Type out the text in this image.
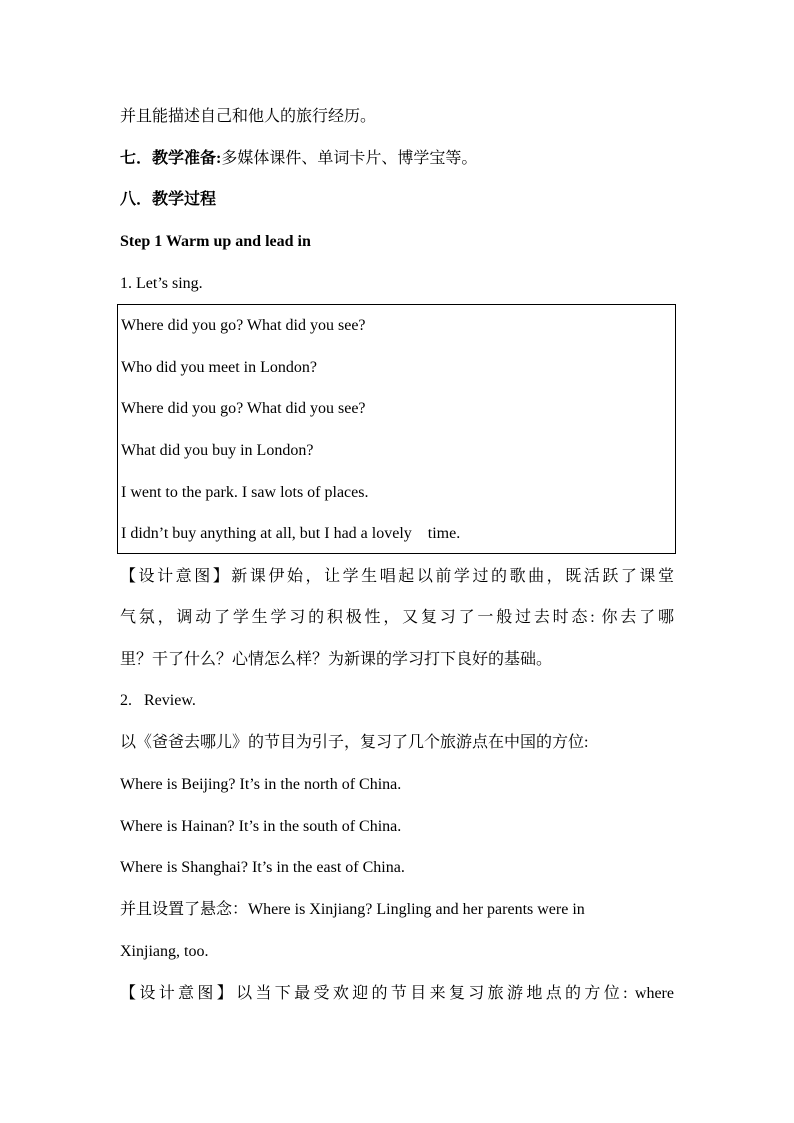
并且能描述自己和他人的旅行经历。
七．教学准备:多媒体课件、单词卡片、博学宝等。
八．教学过程
Step 1 Warm up and lead in
1. Let’s sing.
Where did you go? What did you see?
Who did you meet in London?
Where did you go? What did you see?
What did you buy in London?
I went to the park. I saw lots of places.
I didn’t buy anything at all, but I had a lovely    time.
【设计意图】新课伊始，让学生唱起以前学过的歌曲，既活跃了课堂
气氛，调动了学生学习的积极性，又复习了一般过去时态: 你去了哪
里？干了什么？心情怎么样？为新课的学习打下良好的基础。
2.   Review.
以《爸爸去哪儿》的节目为引子，复习了几个旅游点在中国的方位:
Where is Beijing? It’s in the north of China.
Where is Hainan? It’s in the south of China.
Where is Shanghai? It’s in the east of China.
并且设置了悬念：Where is Xinjiang? Lingling and her parents were in
Xinjiang, too.
【设计意图】以当下最受欢迎的节目来复习旅游地点的方位: where
